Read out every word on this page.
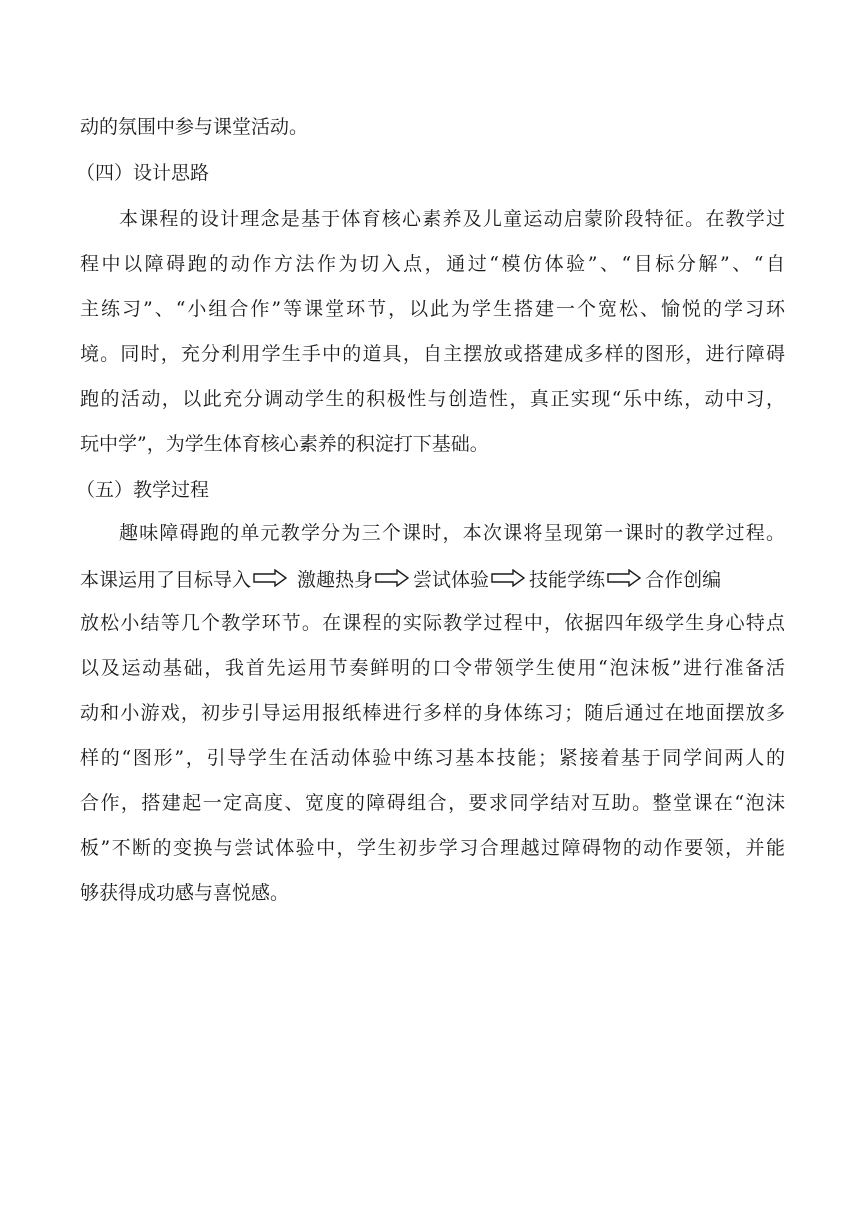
动的氛围中参与课堂活动。
（四）设计思路
本课程的设计理念是基于体育核心素养及儿童运动启蒙阶段特征。在教学过
程中以障碍跑的动作方法作为切入点，通过“模仿体验”、“目标分解”、“自
主练习”、“小组合作”等课堂环节，以此为学生搭建一个宽松、愉悦的学习环
境。同时，充分利用学生手中的道具，自主摆放或搭建成多样的图形，进行障碍
跑的活动，以此充分调动学生的积极性与创造性，真正实现“乐中练，动中习，
玩中学”，为学生体育核心素养的积淀打下基础。
（五）教学过程
趣味障碍跑的单元教学分为三个课时，本次课将呈现第一课时的教学过程。
本课运用了目标导入 激趣热身 尝试体验 技能学练 合作创编
放松小结等几个教学环节。在课程的实际教学过程中，依据四年级学生身心特点
以及运动基础，我首先运用节奏鲜明的口令带领学生使用“泡沫板”进行准备活
动和小游戏，初步引导运用报纸棒进行多样的身体练习；随后通过在地面摆放多
样的“图形”，引导学生在活动体验中练习基本技能；紧接着基于同学间两人的
合作，搭建起一定高度、宽度的障碍组合，要求同学结对互助。整堂课在“泡沫
板”不断的变换与尝试体验中，学生初步学习合理越过障碍物的动作要领，并能
够获得成功感与喜悦感。
